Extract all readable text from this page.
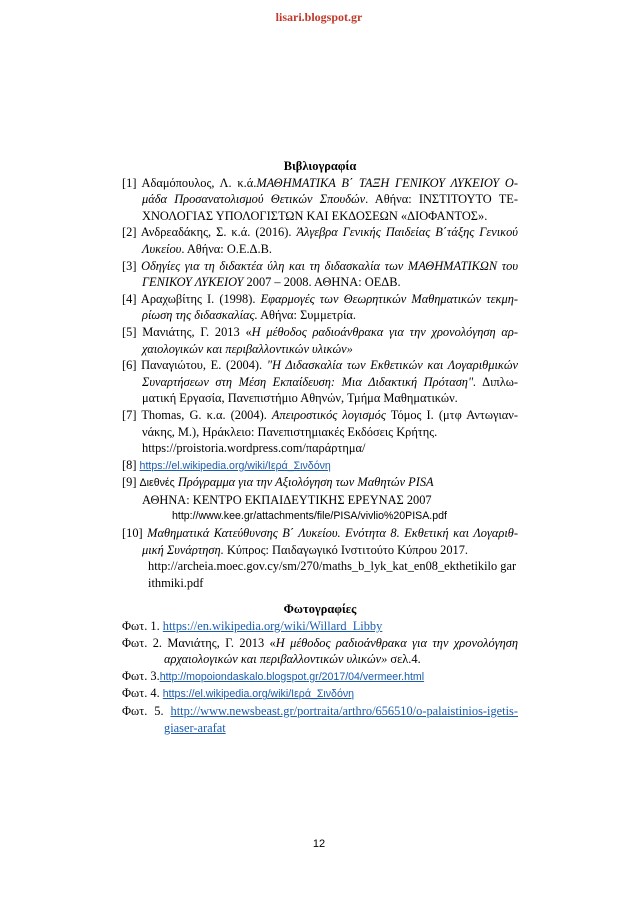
lisari.blogspot.gr
Βιβλιογραφία
[1] Αδαμόπουλος, Λ. κ.ά.ΜΑΘΗΜΑΤΙΚΑ Β΄ ΤΑΞΗ ΓΕΝΙΚΟΥ ΛΥΚΕΙΟΥ Ο-μάδα Προσανατολισμού Θετικών Σπουδών. Αθήνα: ΙΝΣΤΙΤΟΥΤΟ ΤΕ-ΧΝΟΛΟΓΙΑΣ ΥΠΟΛΟΓΙΣΤΩΝ ΚΑΙ ΕΚΔΟΣΕΩΝ «ΔΙΟΦΑΝΤΟΣ».
[2] Ανδρεαδάκης, Σ. κ.ά. (2016). Άλγεβρα Γενικής Παιδείας Β΄τάξης Γενικού Λυκείου. Αθήνα: Ο.Ε.Δ.Β.
[3] Οδηγίες για τη διδακτέα ύλη και τη διδασκαλία των ΜΑΘΗΜΑΤΙΚΩΝ του ΓΕΝΙΚΟΥ ΛΥΚΕΙΟΥ 2007 – 2008. ΑΘΗΝΑ: ΟΕΔΒ.
[4] Αραχωβίτης Ι. (1998). Εφαρμογές των Θεωρητικών Μαθηματικών τεκμη-ρίωση της διδασκαλίας. Αθήνα: Συμμετρία.
[5] Μανιάτης, Γ. 2013 «Η μέθοδος ραδιοάνθρακα για την χρονολόγηση αρ-χαιολογικών και περιβαλλοντικών υλικών»
[6] Παναγιώτου, Ε. (2004). "Η Διδασκαλία των Εκθετικών και Λογαριθμικών Συναρτήσεων στη Μέση Εκπαίδευση: Μια Διδακτική Πρόταση". Διπλω-ματική Εργασία, Πανεπιστήμιο Αθηνών, Τμήμα Μαθηματικών.
[7] Thomas, G. κ.α. (2004). Απειροστικός λογισμός Τόμος Ι. (μτφ Αντωγιαν-νάκης, Μ.), Ηράκλειο: Πανεπιστημιακές Εκδόσεις Κρήτης.
https://proistoria.wordpress.com/παράρτημα/
[8] https://el.wikipedia.org/wiki/Ιερά_Σινδόνη
[9] Διεθνές Πρόγραμμα για την Αξιολόγηση των Μαθητών PISA
ΑΘΗΝΑ: ΚΕΝΤΡΟ ΕΚΠΑΙΔΕΥΤΙΚΗΣ ΕΡΕΥΝΑΣ 2007
http://www.kee.gr/attachments/file/PISA/vivlio%20PISA.pdf
[10] Μαθηματικά Κατεύθυνσης Β΄ Λυκείου. Ενότητα 8. Εκθετική και Λογαριθ-μική Συνάρτηση. Κύπρος: Παιδαγωγικό Ινστιτούτο Κύπρου 2017.
http://archeia.moec.gov.cy/sm/270/maths_b_lyk_kat_en08_ekthetikilo garithmiki.pdf
Φωτογραφίες
Φωτ. 1. https://en.wikipedia.org/wiki/Willard_Libby
Φωτ. 2. Μανιάτης, Γ. 2013 «Η μέθοδος ραδιοάνθρακα για την χρονολόγηση αρχαιολογικών και περιβαλλοντικών υλικών» σελ.4.
Φωτ. 3.http://mopoiondaskalo.blogspot.gr/2017/04/vermeer.html
Φωτ. 4. https://el.wikipedia.org/wiki/Ιερά_Σινδόνη
Φωτ. 5. http://www.newsbeast.gr/portraita/arthro/656510/o-palaistinios-igetis-giaser-arafat
12
